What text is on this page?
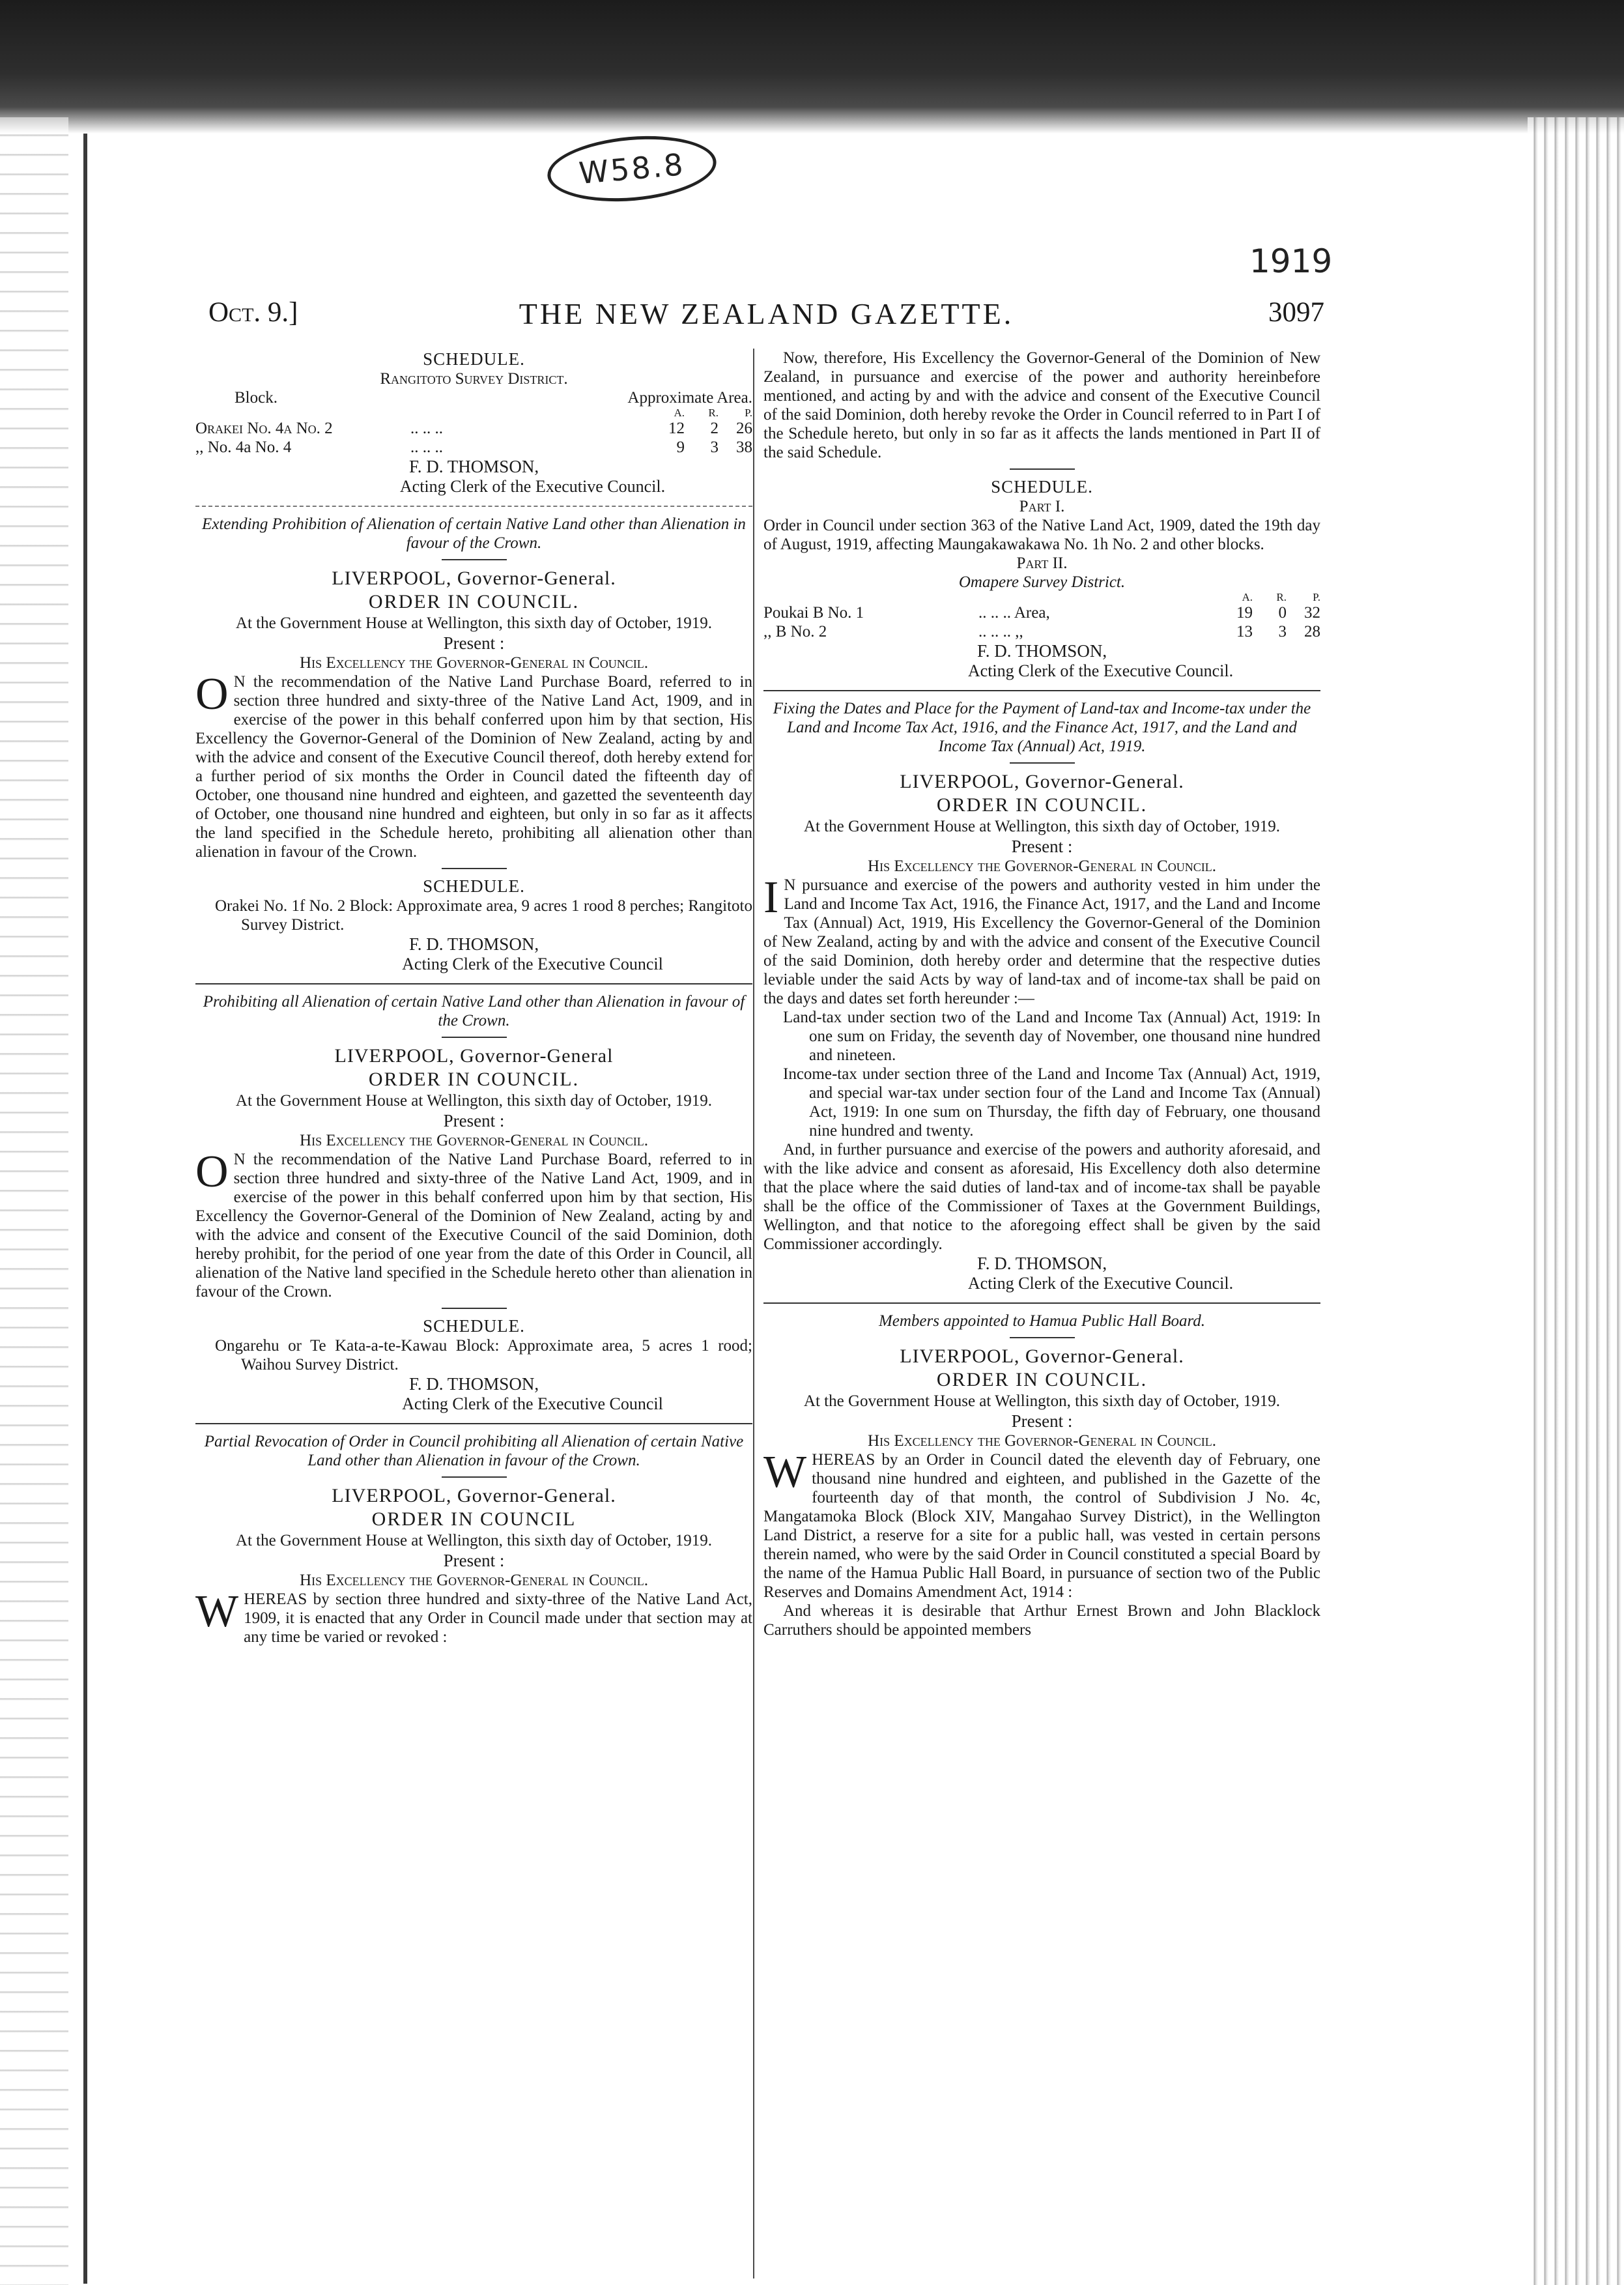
W58.8
1919
Oct. 9.]	THE NEW ZEALAND GAZETTE.	3097

SCHEDULE.

Rangitoto Survey District.

Block.	Approximate Area.
A.	R.	P.
Orakei No. 4a No. 2	.. .. ..	12	2	26
,, No. 4a No. 4	.. .. ..	9	3	38

F. D. THOMSON,

Acting Clerk of the Executive Council.

Extending Prohibition of Alienation of certain Native Land other than Alienation in favour of the Crown.

LIVERPOOL, Governor-General.

ORDER IN COUNCIL.

At the Government House at Wellington, this sixth day of October, 1919.

Present :

His Excellency the Governor-General in Council.

O N the recommendation of the Native Land Purchase Board, referred to in section three hundred and sixty-three of the Native Land Act, 1909, and in exercise of the power in this behalf conferred upon him by that section, His Excellency the Governor-General of the Dominion of New Zealand, acting by and with the advice and consent of the Executive Council thereof, doth hereby extend for a further period of six months the Order in Council dated the fifteenth day of October, one thousand nine hundred and eighteen, and gazetted the seventeenth day of October, one thousand nine hundred and eighteen, but only in so far as it affects the land specified in the Schedule hereto, prohibiting all alienation other than alienation in favour of the Crown.

SCHEDULE.

Orakei No. 1f No. 2 Block: Approximate area, 9 acres 1 rood 8 perches; Rangitoto Survey District.

F. D. THOMSON,

Acting Clerk of the Executive Council

Prohibiting all Alienation of certain Native Land other than Alienation in favour of the Crown.

LIVERPOOL, Governor-General

ORDER IN COUNCIL.

At the Government House at Wellington, this sixth day of October, 1919.

Present :

His Excellency the Governor-General in Council.

O N the recommendation of the Native Land Purchase Board, referred to in section three hundred and sixty-three of the Native Land Act, 1909, and in exercise of the power in this behalf conferred upon him by that section, His Excellency the Governor-General of the Dominion of New Zealand, acting by and with the advice and consent of the Executive Council of the said Dominion, doth hereby prohibit, for the period of one year from the date of this Order in Council, all alienation of the Native land specified in the Schedule hereto other than alienation in favour of the Crown.

SCHEDULE.

Ongarehu or Te Kata-a-te-Kawau Block: Approximate area, 5 acres 1 rood; Waihou Survey District.

F. D. THOMSON,

Acting Clerk of the Executive Council

Partial Revocation of Order in Council prohibiting all Alienation of certain Native Land other than Alienation in favour of the Crown.

LIVERPOOL, Governor-General.

ORDER IN COUNCIL

At the Government House at Wellington, this sixth day of October, 1919.

Present :

His Excellency the Governor-General in Council.

WHEREAS by section three hundred and sixty-three of the Native Land Act, 1909, it is enacted that any Order in Council made under that section may at any time be varied or revoked :

Now, therefore, His Excellency the Governor-General of the Dominion of New Zealand, in pursuance and exercise of the power and authority hereinbefore mentioned, and acting by and with the advice and consent of the Executive Council of the said Dominion, doth hereby revoke the Order in Council referred to in Part I of the Schedule hereto, but only in so far as it affects the lands mentioned in Part II of the said Schedule.

SCHEDULE.

Part I.

Order in Council under section 363 of the Native Land Act, 1909, dated the 19th day of August, 1919, affecting Maungakawakawa No. 1h No. 2 and other blocks.

Part II.

Omapere Survey District.

A.	R.	P.
Poukai B No. 1	.. .. .. Area,	19	0	32
,, B No. 2	.. .. .. ,,	13	3	28

F. D. THOMSON,

Acting Clerk of the Executive Council.

Fixing the Dates and Place for the Payment of Land-tax and Income-tax under the Land and Income Tax Act, 1916, and the Finance Act, 1917, and the Land and Income Tax (Annual) Act, 1919.

LIVERPOOL, Governor-General.

ORDER IN COUNCIL.

At the Government House at Wellington, this sixth day of October, 1919.

Present :

His Excellency the Governor-General in Council.

I N pursuance and exercise of the powers and authority vested in him under the Land and Income Tax Act, 1916, the Finance Act, 1917, and the Land and Income Tax (Annual) Act, 1919, His Excellency the Governor-General of the Dominion of New Zealand, acting by and with the advice and consent of the Executive Council of the said Dominion, doth hereby order and determine that the respective duties leviable under the said Acts by way of land-tax and of income-tax shall be paid on the days and dates set forth hereunder :—

Land-tax under section two of the Land and Income Tax (Annual) Act, 1919: In one sum on Friday, the seventh day of November, one thousand nine hundred and nineteen.

Income-tax under section three of the Land and Income Tax (Annual) Act, 1919, and special war-tax under section four of the Land and Income Tax (Annual) Act, 1919: In one sum on Thursday, the fifth day of February, one thousand nine hundred and twenty.

And, in further pursuance and exercise of the powers and authority aforesaid, and with the like advice and consent as aforesaid, His Excellency doth also determine that the place where the said duties of land-tax and of income-tax shall be payable shall be the office of the Commissioner of Taxes at the Government Buildings, Wellington, and that notice to the aforegoing effect shall be given by the said Commissioner accordingly.

F. D. THOMSON,

Acting Clerk of the Executive Council.

Members appointed to Hamua Public Hall Board.

LIVERPOOL, Governor-General.

ORDER IN COUNCIL.

At the Government House at Wellington, this sixth day of October, 1919.

Present :

His Excellency the Governor-General in Council.

WHEREAS by an Order in Council dated the eleventh day of February, one thousand nine hundred and eighteen, and published in the Gazette of the fourteenth day of that month, the control of Subdivision J No. 4c, Mangatamoka Block (Block XIV, Mangahao Survey District), in the Wellington Land District, a reserve for a site for a public hall, was vested in certain persons therein named, who were by the said Order in Council constituted a special Board by the name of the Hamua Public Hall Board, in pursuance of section two of the Public Reserves and Domains Amendment Act, 1914 :

And whereas it is desirable that Arthur Ernest Brown and John Blacklock Carruthers should be appointed members
